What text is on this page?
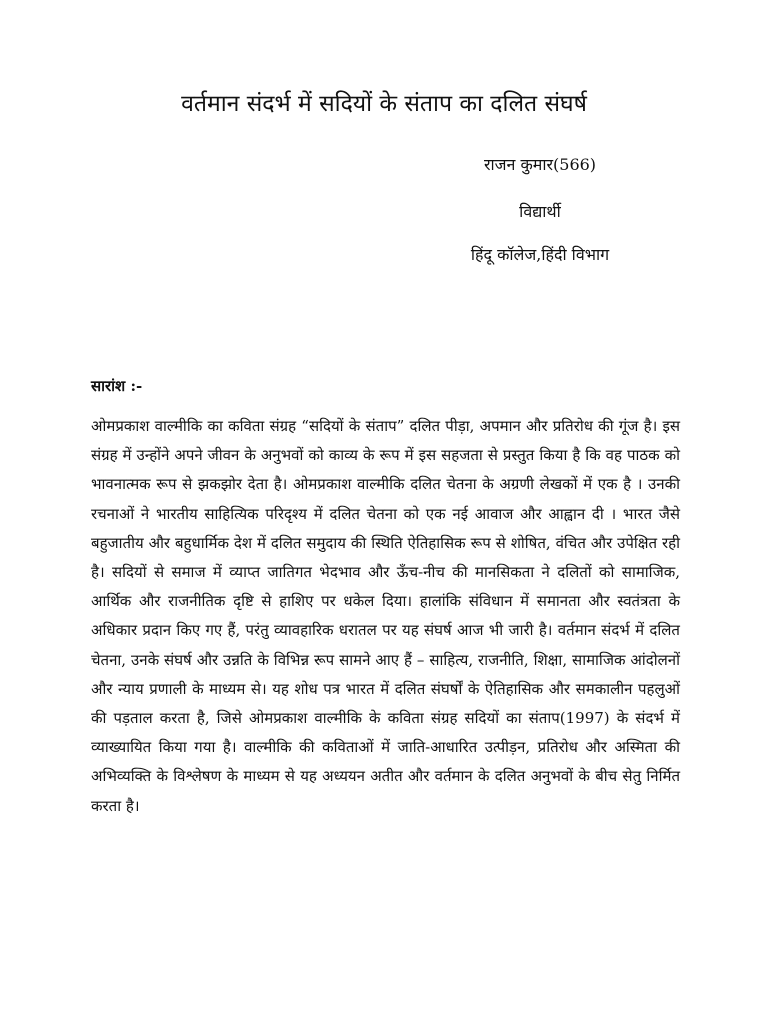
वर्तमान संदर्भ में सदियों के संताप का दलित संघर्ष
राजन कुमार(566)
विद्यार्थी
हिंदू कॉलेज,हिंदी विभाग
सारांश :-

ओमप्रकाश वाल्मीकि का कविता संग्रह “सदियों के संताप” दलित पीड़ा, अपमान और प्रतिरोध की गूंज है। इस संग्रह में उन्होंने अपने जीवन के अनुभवों को काव्य के रूप में इस सहजता से प्रस्तुत किया है कि वह पाठक को भावनात्मक रूप से झकझोर देता है। ओमप्रकाश वाल्मीकि दलित चेतना के अग्रणी लेखकों में एक है । उनकी रचनाओं ने भारतीय साहित्यिक परिदृश्य में दलित चेतना को एक नई आवाज और आह्वान दी । भारत जैसे बहुजातीय और बहुधार्मिक देश में दलित समुदाय की स्थिति ऐतिहासिक रूप से शोषित, वंचित और उपेक्षित रही है। सदियों से समाज में व्याप्त जातिगत भेदभाव और ऊँच-नीच की मानसिकता ने दलितों को सामाजिक, आर्थिक और राजनीतिक दृष्टि से हाशिए पर धकेल दिया। हालांकि संविधान में समानता और स्वतंत्रता के अधिकार प्रदान किए गए हैं, परंतु व्यावहारिक धरातल पर यह संघर्ष आज भी जारी है। वर्तमान संदर्भ में दलित चेतना, उनके संघर्ष और उन्नति के विभिन्न रूप सामने आए हैं – साहित्य, राजनीति, शिक्षा, सामाजिक आंदोलनों और न्याय प्रणाली के माध्यम से। यह शोध पत्र भारत में दलित संघर्षों के ऐतिहासिक और समकालीन पहलुओं की पड़ताल करता है, जिसे ओमप्रकाश वाल्मीकि के कविता संग्रह सदियों का संताप(1997) के संदर्भ में व्याख्यायित किया गया है। वाल्मीकि की कविताओं में जाति-आधारित उत्पीड़न, प्रतिरोध और अस्मिता की अभिव्यक्ति के विश्लेषण के माध्यम से यह अध्ययन अतीत और वर्तमान के दलित अनुभवों के बीच सेतु निर्मित करता है।
